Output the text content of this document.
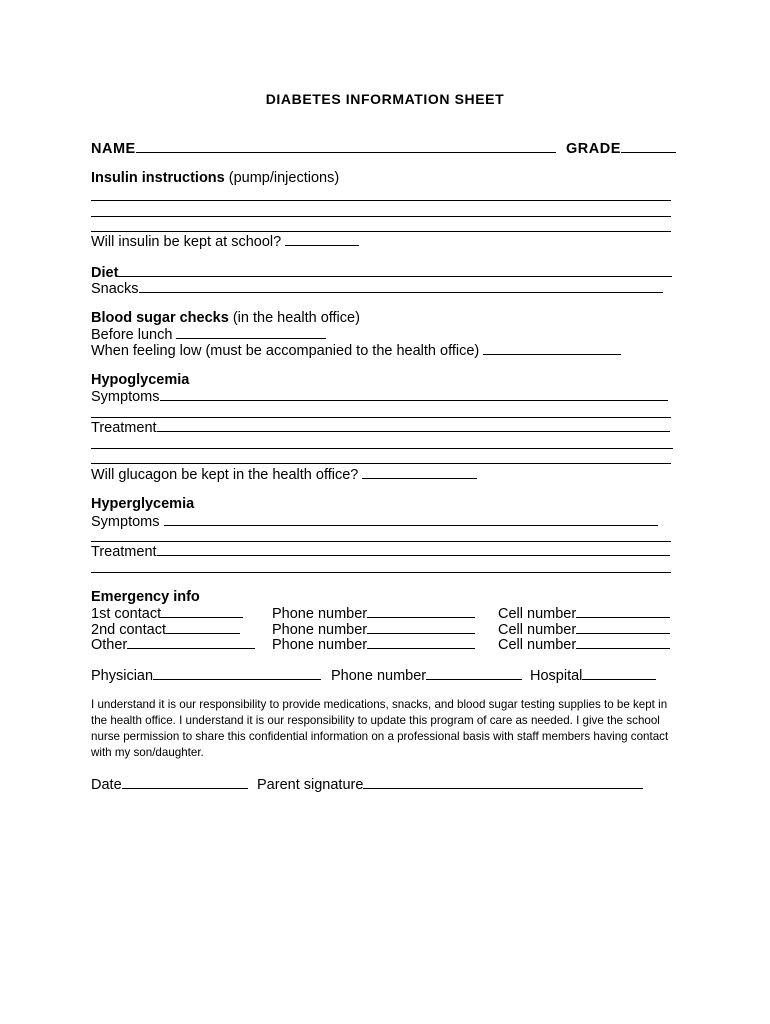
DIABETES INFORMATION SHEET
NAME	GRADE
Insulin instructions (pump/injections)
Will insulin be kept at school?
Diet
Snacks
Blood sugar checks (in the health office)
Before lunch
When feeling low (must be accompanied to the health office)
Hypoglycemia
Symptoms
Treatment
Will glucagon be kept in the health office?
Hyperglycemia
Symptoms
Treatment
Emergency info
1st contact	Phone number	Cell number
2nd contact	Phone number	Cell number
Other	Phone number	Cell number
Physician	Phone number	Hospital
I understand it is our responsibility to provide medications, snacks, and blood sugar testing supplies to be kept in the health office. I understand it is our responsibility to update this program of care as needed. I give the school nurse permission to share this confidential information on a professional basis with staff members having contact with my son/daughter.
Date	Parent signature
